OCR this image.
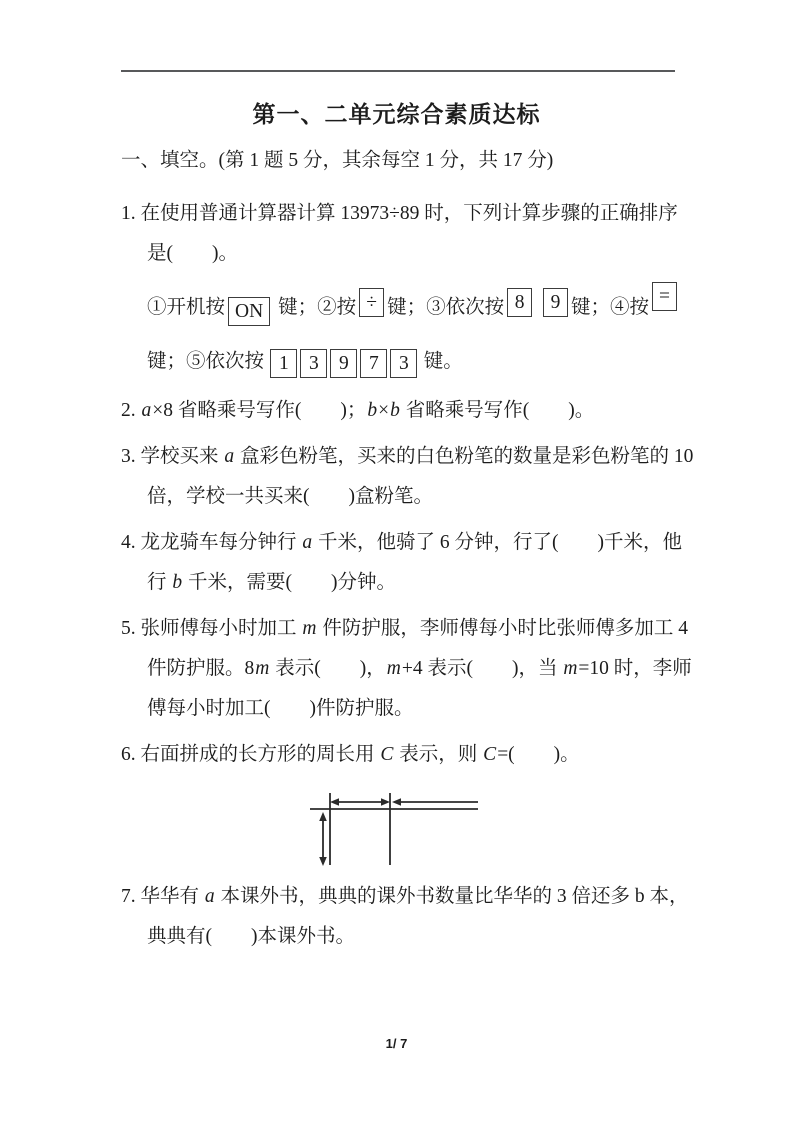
第一、二单元综合素质达标
一、填空。(第 1 题 5 分，其余每空 1 分，共 17 分)
1. 在使用普通计算器计算 13973÷89 时，下列计算步骤的正确排序
是(        )。
①开机按 ON 键；②按 ÷ 键；③依次按 8 9 键；④按=
键；⑤依次按 1 3 9 7 3 键。
2. a×8 省略乘号写作(        )；b×b 省略乘号写作(        )。
3. 学校买来 a 盒彩色粉笔，买来的白色粉笔的数量是彩色粉笔的 10
倍，学校一共买来(        )盒粉笔。
4. 龙龙骑车每分钟行 a 千米，他骑了 6 分钟，行了(        )千米，他
行 b 千米，需要(        )分钟。
5. 张师傅每小时加工 m 件防护服，李师傅每小时比张师傅多加工 4
件防护服。8m 表示(        )，m+4 表示(        )，当 m=10 时，李师
傅每小时加工(        )件防护服。
6. 右面拼成的长方形的周长用 C 表示，则 C=(        )。
7. 华华有 a 本课外书，典典的课外书数量比华华的 3 倍还多 b 本，
典典有(        )本课外书。
1/ 7
